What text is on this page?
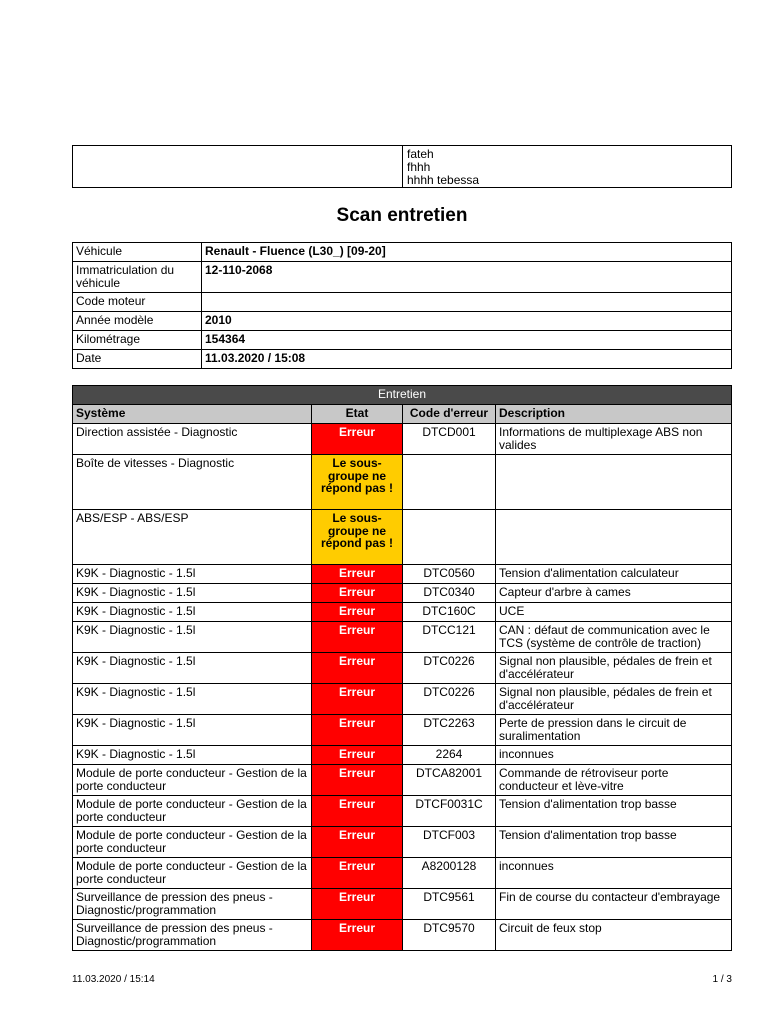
fateh
fhhh
hhhh tebessa
Scan entretien
Véhicule	Renault - Fluence (L30_) [09-20]
Immatriculation du véhicule	12-110-2068
Code moteur	
Année modèle	2010
Kilométrage	154364
Date	11.03.2020 / 15:08
Entretien			
Système	Etat	Code d'erreur	Description
Direction assistée - Diagnostic	Erreur	DTCD001	Informations de multiplexage ABS non valides
Boîte de vitesses - Diagnostic	Le sous-groupe ne répond pas !		
ABS/ESP - ABS/ESP	Le sous-groupe ne répond pas !		
K9K - Diagnostic - 1.5l	Erreur	DTC0560	Tension d'alimentation calculateur
K9K - Diagnostic - 1.5l	Erreur	DTC0340	Capteur d'arbre à cames
K9K - Diagnostic - 1.5l	Erreur	DTC160C	UCE
K9K - Diagnostic - 1.5l	Erreur	DTCC121	CAN : défaut de communication avec le TCS (système de contrôle de traction)
K9K - Diagnostic - 1.5l	Erreur	DTC0226	Signal non plausible, pédales de frein et d'accélérateur
K9K - Diagnostic - 1.5l	Erreur	DTC0226	Signal non plausible, pédales de frein et d'accélérateur
K9K - Diagnostic - 1.5l	Erreur	DTC2263	Perte de pression dans le circuit de suralimentation
K9K - Diagnostic - 1.5l	Erreur	2264	inconnues
Module de porte conducteur - Gestion de la porte conducteur	Erreur	DTCA82001	Commande de rétroviseur porte conducteur et lève-vitre
Module de porte conducteur - Gestion de la porte conducteur	Erreur	DTCF0031C	Tension d'alimentation trop basse
Module de porte conducteur - Gestion de la porte conducteur	Erreur	DTCF003	Tension d'alimentation trop basse
Module de porte conducteur - Gestion de la porte conducteur	Erreur	A8200128	inconnues
Surveillance de pression des pneus - Diagnostic/programmation	Erreur	DTC9561	Fin de course du contacteur d'embrayage
Surveillance de pression des pneus - Diagnostic/programmation	Erreur	DTC9570	Circuit de feux stop
11.03.2020 / 15:14	1 / 3
